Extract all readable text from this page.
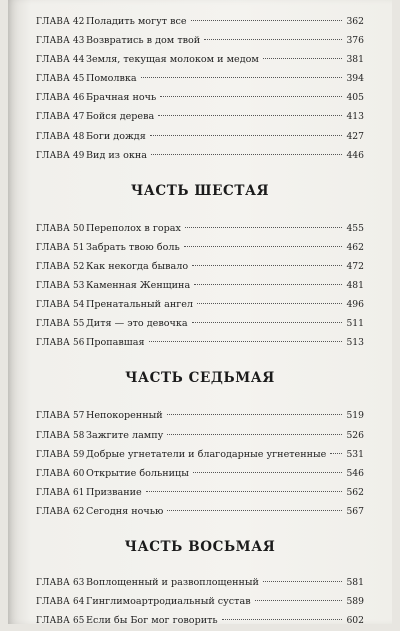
ГЛАВА 42 Поладить могут все	362
ГЛАВА 43 Возвратись в дом твой	376
ГЛАВА 44 Земля, текущая молоком и медом	381
ГЛАВА 45 Помолвка	394
ГЛАВА 46 Брачная ночь	405
ГЛАВА 47 Бойся дерева	413
ГЛАВА 48 Боги дождя	427
ГЛАВА 49 Вид из окна	446
ЧАСТЬ ШЕСТАЯ
ГЛАВА 50 Переполох в горах	455
ГЛАВА 51 Забрать твою боль	462
ГЛАВА 52 Как некогда бывало	472
ГЛАВА 53 Каменная Женщина	481
ГЛАВА 54 Пренатальный ангел	496
ГЛАВА 55 Дитя — это девочка	511
ГЛАВА 56 Пропавшая	513
ЧАСТЬ СЕДЬМАЯ
ГЛАВА 57 Непокоренный	519
ГЛАВА 58 Зажгите лампу	526
ГЛАВА 59 Добрые угнетатели и благодарные угнетенные 531
ГЛАВА 60 Открытие больницы	546
ГЛАВА 61 Призвание	562
ГЛАВА 62 Сегодня ночью	567
ЧАСТЬ ВОСЬМАЯ
ГЛАВА 63 Воплощенный и развоплощенный	581
ГЛАВА 64 Гинглимоартродиальный сустав	589
ГЛАВА 65 Если бы Бог мог говорить	602
